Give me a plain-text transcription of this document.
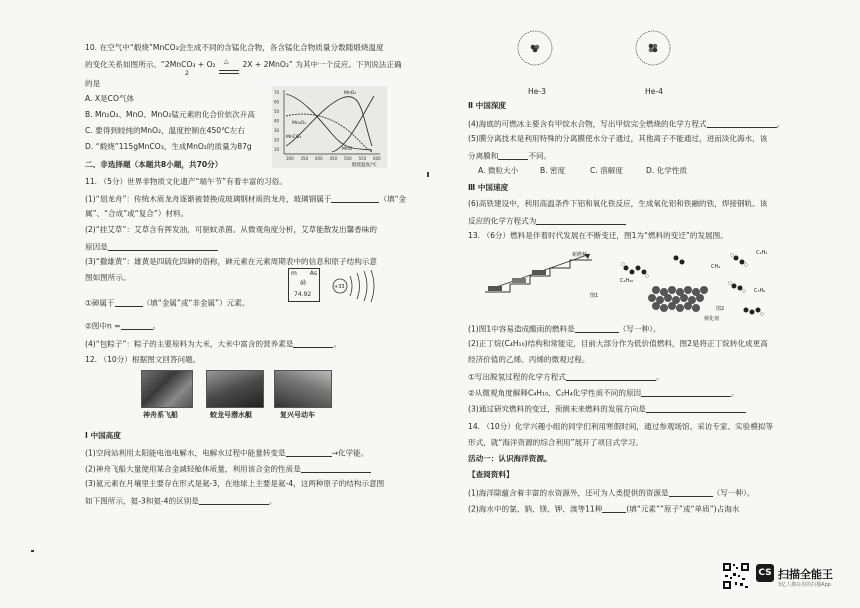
10. 在空气中“煅烧”MnCO₃会生成不同的含锰化合物，各含锰化合物质量分数随煅烧温度
的变化关系如图所示。“2MnCO₃ + O₂ △ 2X + 2MnO₂” 为其中一个反应。下列说法正确
2
的是
A. X是CO气体
B. Mn₂O₃、MnO、MnO₂锰元素的化合价依次升高
C. 要得到较纯的MnO₂，温度控制在450℃左右
D. “煅烧”115gMnCO₃，生成MnO₂的质量为87g
70
60
50
40
30
20
10
300 350 400 450 500 550 600
MnO₂
Mn₂O₃
MnO
MnCO₃
煅烧温度/℃
二、非选择题（本题共8小题，共70分）
11. （5分）世界非物质文化遗产“端午节”有着丰富的习俗。
(1)“划龙舟”：传统木质龙舟逐渐被替换成玻璃钢材质的龙舟，玻璃钢属于	（填“金
属”、“合成”或“复合”）材料。
(2)“挂艾草”：艾草含有挥发油，可驱蚊杀菌。从微观角度分析，艾草能散发出馨香味的
原因是
(3)“撒雄黄”：雄黄是四硫化四砷的俗称，砷元素在元素周期表中的信息和原子结构示意
图如图所示。
①砷属于	（填“金属”或“非金属”）元素。
②图中n =	。
(4)“包粽子”：粽子的主要原料为大米，大米中富含的营养素是	。
m As
砷
74.92
+33
12. （10分）根据图文回答问题。
神舟系飞船	蛟龙号潜水艇	复兴号动车
Ⅰ 中国高度
(1)空间站利用太阳能电池电解水，电解水过程中能量转变是	→化学能。
(2)神舟飞船大量使用某合金减轻舱体质量，利用该合金的性质是
(3)氦元素在月壤里主要存在形式是氦-3，在地球上主要是氦-4，这两种原子的结构示意图
如下图所示，氦-3和氦-4的区别是	。
He-3	He-4
Ⅱ 中国深度
(4)海底的可燃冰主要含有甲烷水合物，写出甲烷完全燃烧的化学方程式	。
(5)膜分离技术是利用特殊的分离膜使水分子通过，其他离子不能通过，进而淡化海水，该
分离膜和	不同。
A. 微粒大小	B. 密度	C. 溶解度	D. 化学性质
Ⅲ 中国速度
(6)高铁建设中，利用高温条件下铝和氧化铁反应，生成氧化铝和铁融的铁，焊接钢轨。该
反应的化学方程式为
13. （6分）燃料是伴着时代发展在不断变迁，图1为“燃料的变迁”的发展图。
新燃料
图1
C₂H₄
C₄H₁₀
CH₄
C₃H₆
催化剂
图2
(1)图1中容易造成酸雨的燃料是	（写一种）。
(2)正丁烷(C₄H₁₀)结构和常能定，目前大部分作为低价值燃料，图2是将正丁烷转化成更高
经济价值的乙烯、丙烯的微观过程。
①写出脱氢过程的化学方程式	。
②从微观角度解释C₄H₁₀、C₂H₄化学性质不同的原因	。
(3)通过研究燃料的变迁，预测未来燃料的发展方向是
14. （10分）化学兴趣小组的同学们利用寒假时间，通过参观场馆、采访专家、实验模拟等
形式，就“海洋资源的综合利用”展开了项目式学习。
活动一：认识海洋资源。
【查阅资料】
(1)海洋除蕴含着丰富的水资源外，还可为人类提供的资源是	（写一种）。
(2)海水中的氯、钠、镁、钾、溴等11种	(填“元素”“原子”或“单质”)占海水
CS 扫描全能王
3亿人都在用的扫描App
